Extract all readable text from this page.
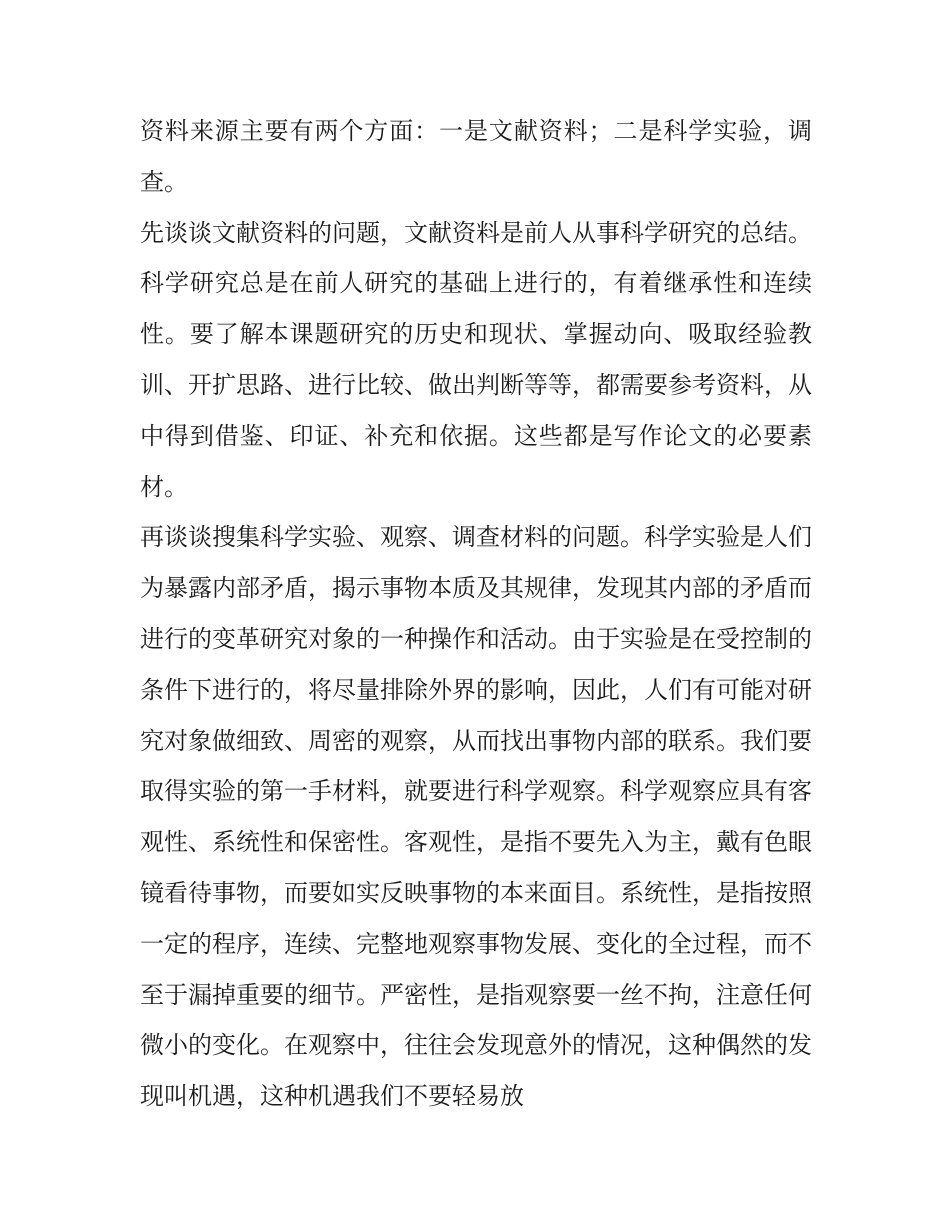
资料来源主要有两个方面：一是文献资料；二是科学实验，调查。

先谈谈文献资料的问题，文献资料是前人从事科学研究的总结。科学研究总是在前人研究的基础上进行的，有着继承性和连续性。要了解本课题研究的历史和现状、掌握动向、吸取经验教训、开扩思路、进行比较、做出判断等等，都需要参考资料，从中得到借鉴、印证、补充和依据。这些都是写作论文的必要素材。

再谈谈搜集科学实验、观察、调查材料的问题。科学实验是人们为暴露内部矛盾，揭示事物本质及其规律，发现其内部的矛盾而进行的变革研究对象的一种操作和活动。由于实验是在受控制的条件下进行的，将尽量排除外界的影响，因此，人们有可能对研究对象做细致、周密的观察，从而找出事物内部的联系。我们要取得实验的第一手材料，就要进行科学观察。科学观察应具有客观性、系统性和保密性。客观性，是指不要先入为主，戴有色眼镜看待事物，而要如实反映事物的本来面目。系统性，是指按照一定的程序，连续、完整地观察事物发展、变化的全过程，而不至于漏掉重要的细节。严密性，是指观察要一丝不拘，注意任何微小的变化。在观察中，往往会发现意外的情况，这种偶然的发现叫机遇，这种机遇我们不要轻易放
